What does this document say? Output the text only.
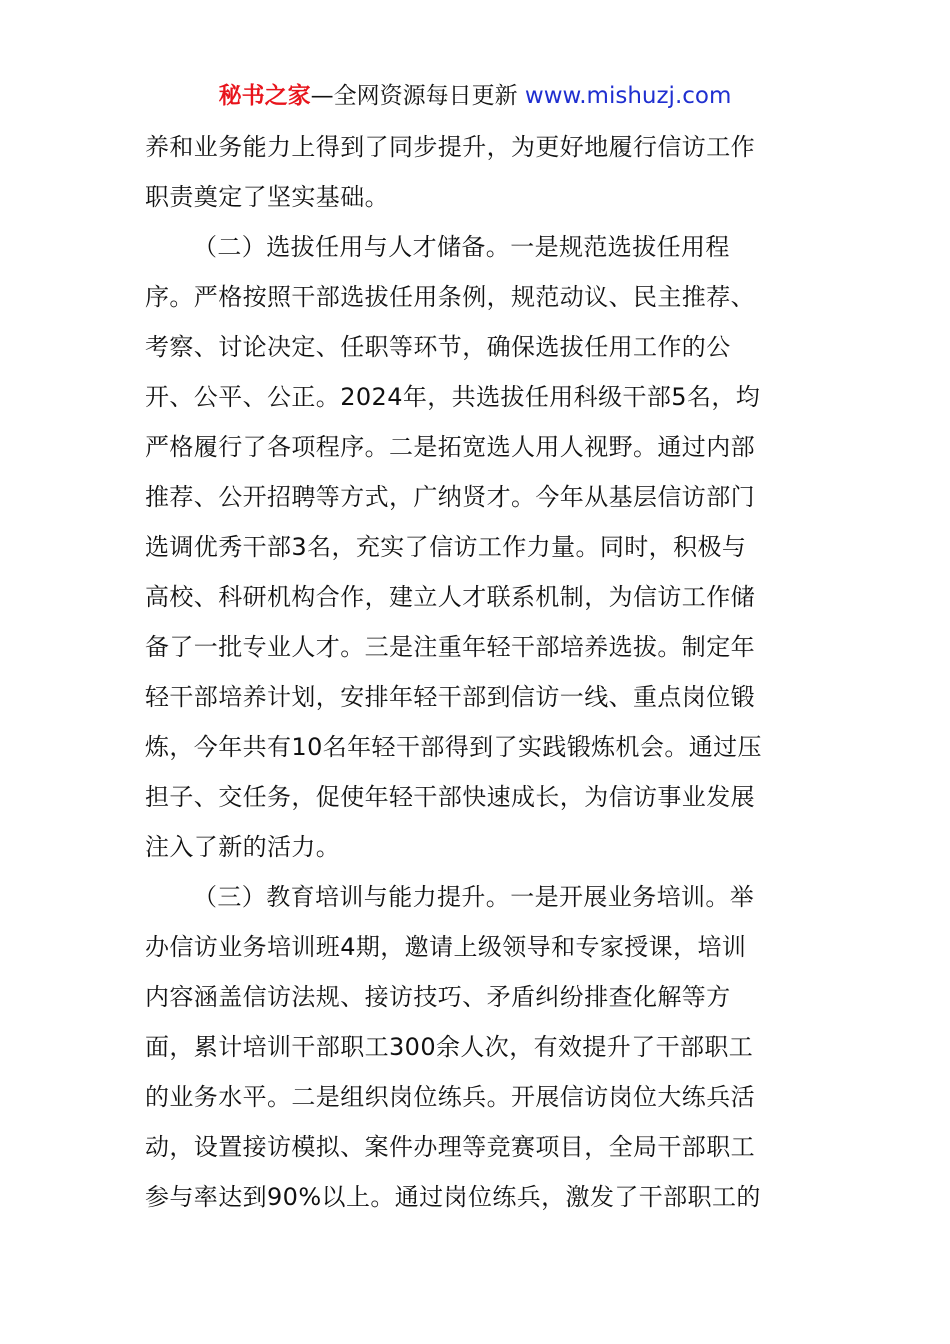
秘书之家—全网资源每日更新 www.mishuzj.com
养和业务能力上得到了同步提升，为更好地履行信访工作
职责奠定了坚实基础。
（二）选拔任用与人才储备。一是规范选拔任用程
序。严格按照干部选拔任用条例，规范动议、民主推荐、
考察、讨论决定、任职等环节，确保选拔任用工作的公
开、公平、公正。2024年，共选拔任用科级干部5名，均
严格履行了各项程序。二是拓宽选人用人视野。通过内部
推荐、公开招聘等方式，广纳贤才。今年从基层信访部门
选调优秀干部3名，充实了信访工作力量。同时，积极与
高校、科研机构合作，建立人才联系机制，为信访工作储
备了一批专业人才。三是注重年轻干部培养选拔。制定年
轻干部培养计划，安排年轻干部到信访一线、重点岗位锻
炼，今年共有10名年轻干部得到了实践锻炼机会。通过压
担子、交任务，促使年轻干部快速成长，为信访事业发展
注入了新的活力。
（三）教育培训与能力提升。一是开展业务培训。举
办信访业务培训班4期，邀请上级领导和专家授课，培训
内容涵盖信访法规、接访技巧、矛盾纠纷排查化解等方
面，累计培训干部职工300余人次，有效提升了干部职工
的业务水平。二是组织岗位练兵。开展信访岗位大练兵活
动，设置接访模拟、案件办理等竞赛项目，全局干部职工
参与率达到90%以上。通过岗位练兵，激发了干部职工的
